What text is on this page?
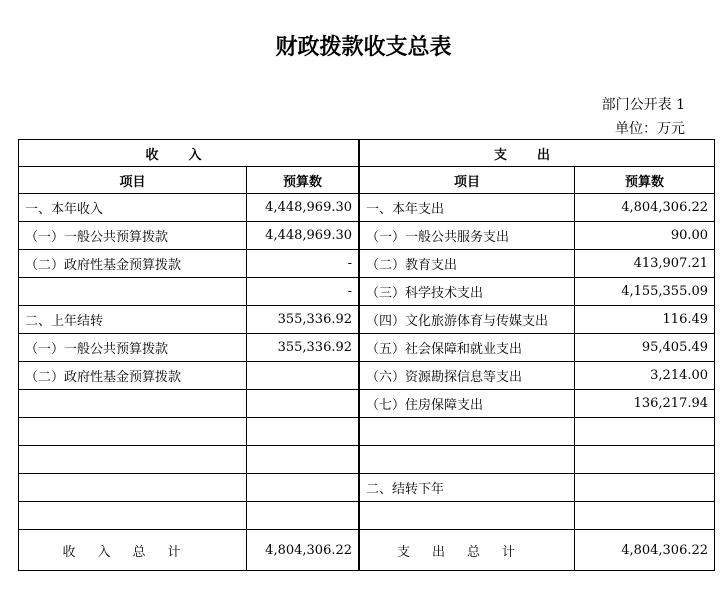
财政拨款收支总表
部门公开表 1
单位：万元
收入		支出	
项目	预算数		项目	预算数
一、本年收入	4,448,969.30		一、本年支出	4,804,306.22
（一）一般公共预算拨款	4,448,969.30		（一）一般公共服务支出	90.00
（二）政府性基金预算拨款	-		（二）教育支出	413,907.21
	-		（三）科学技术支出	4,155,355.09
二、上年结转	355,336.92		（四）文化旅游体育与传媒支出	116.49
（一）一般公共预算拨款	355,336.92		（五）社会保障和就业支出	95,405.49
（二）政府性基金预算拨款			（六）资源勘探信息等支出	3,214.00
			（七）住房保障支出	136,217.94

			二、结转下年	

收入总计	4,804,306.22		支出总计	4,804,306.22
